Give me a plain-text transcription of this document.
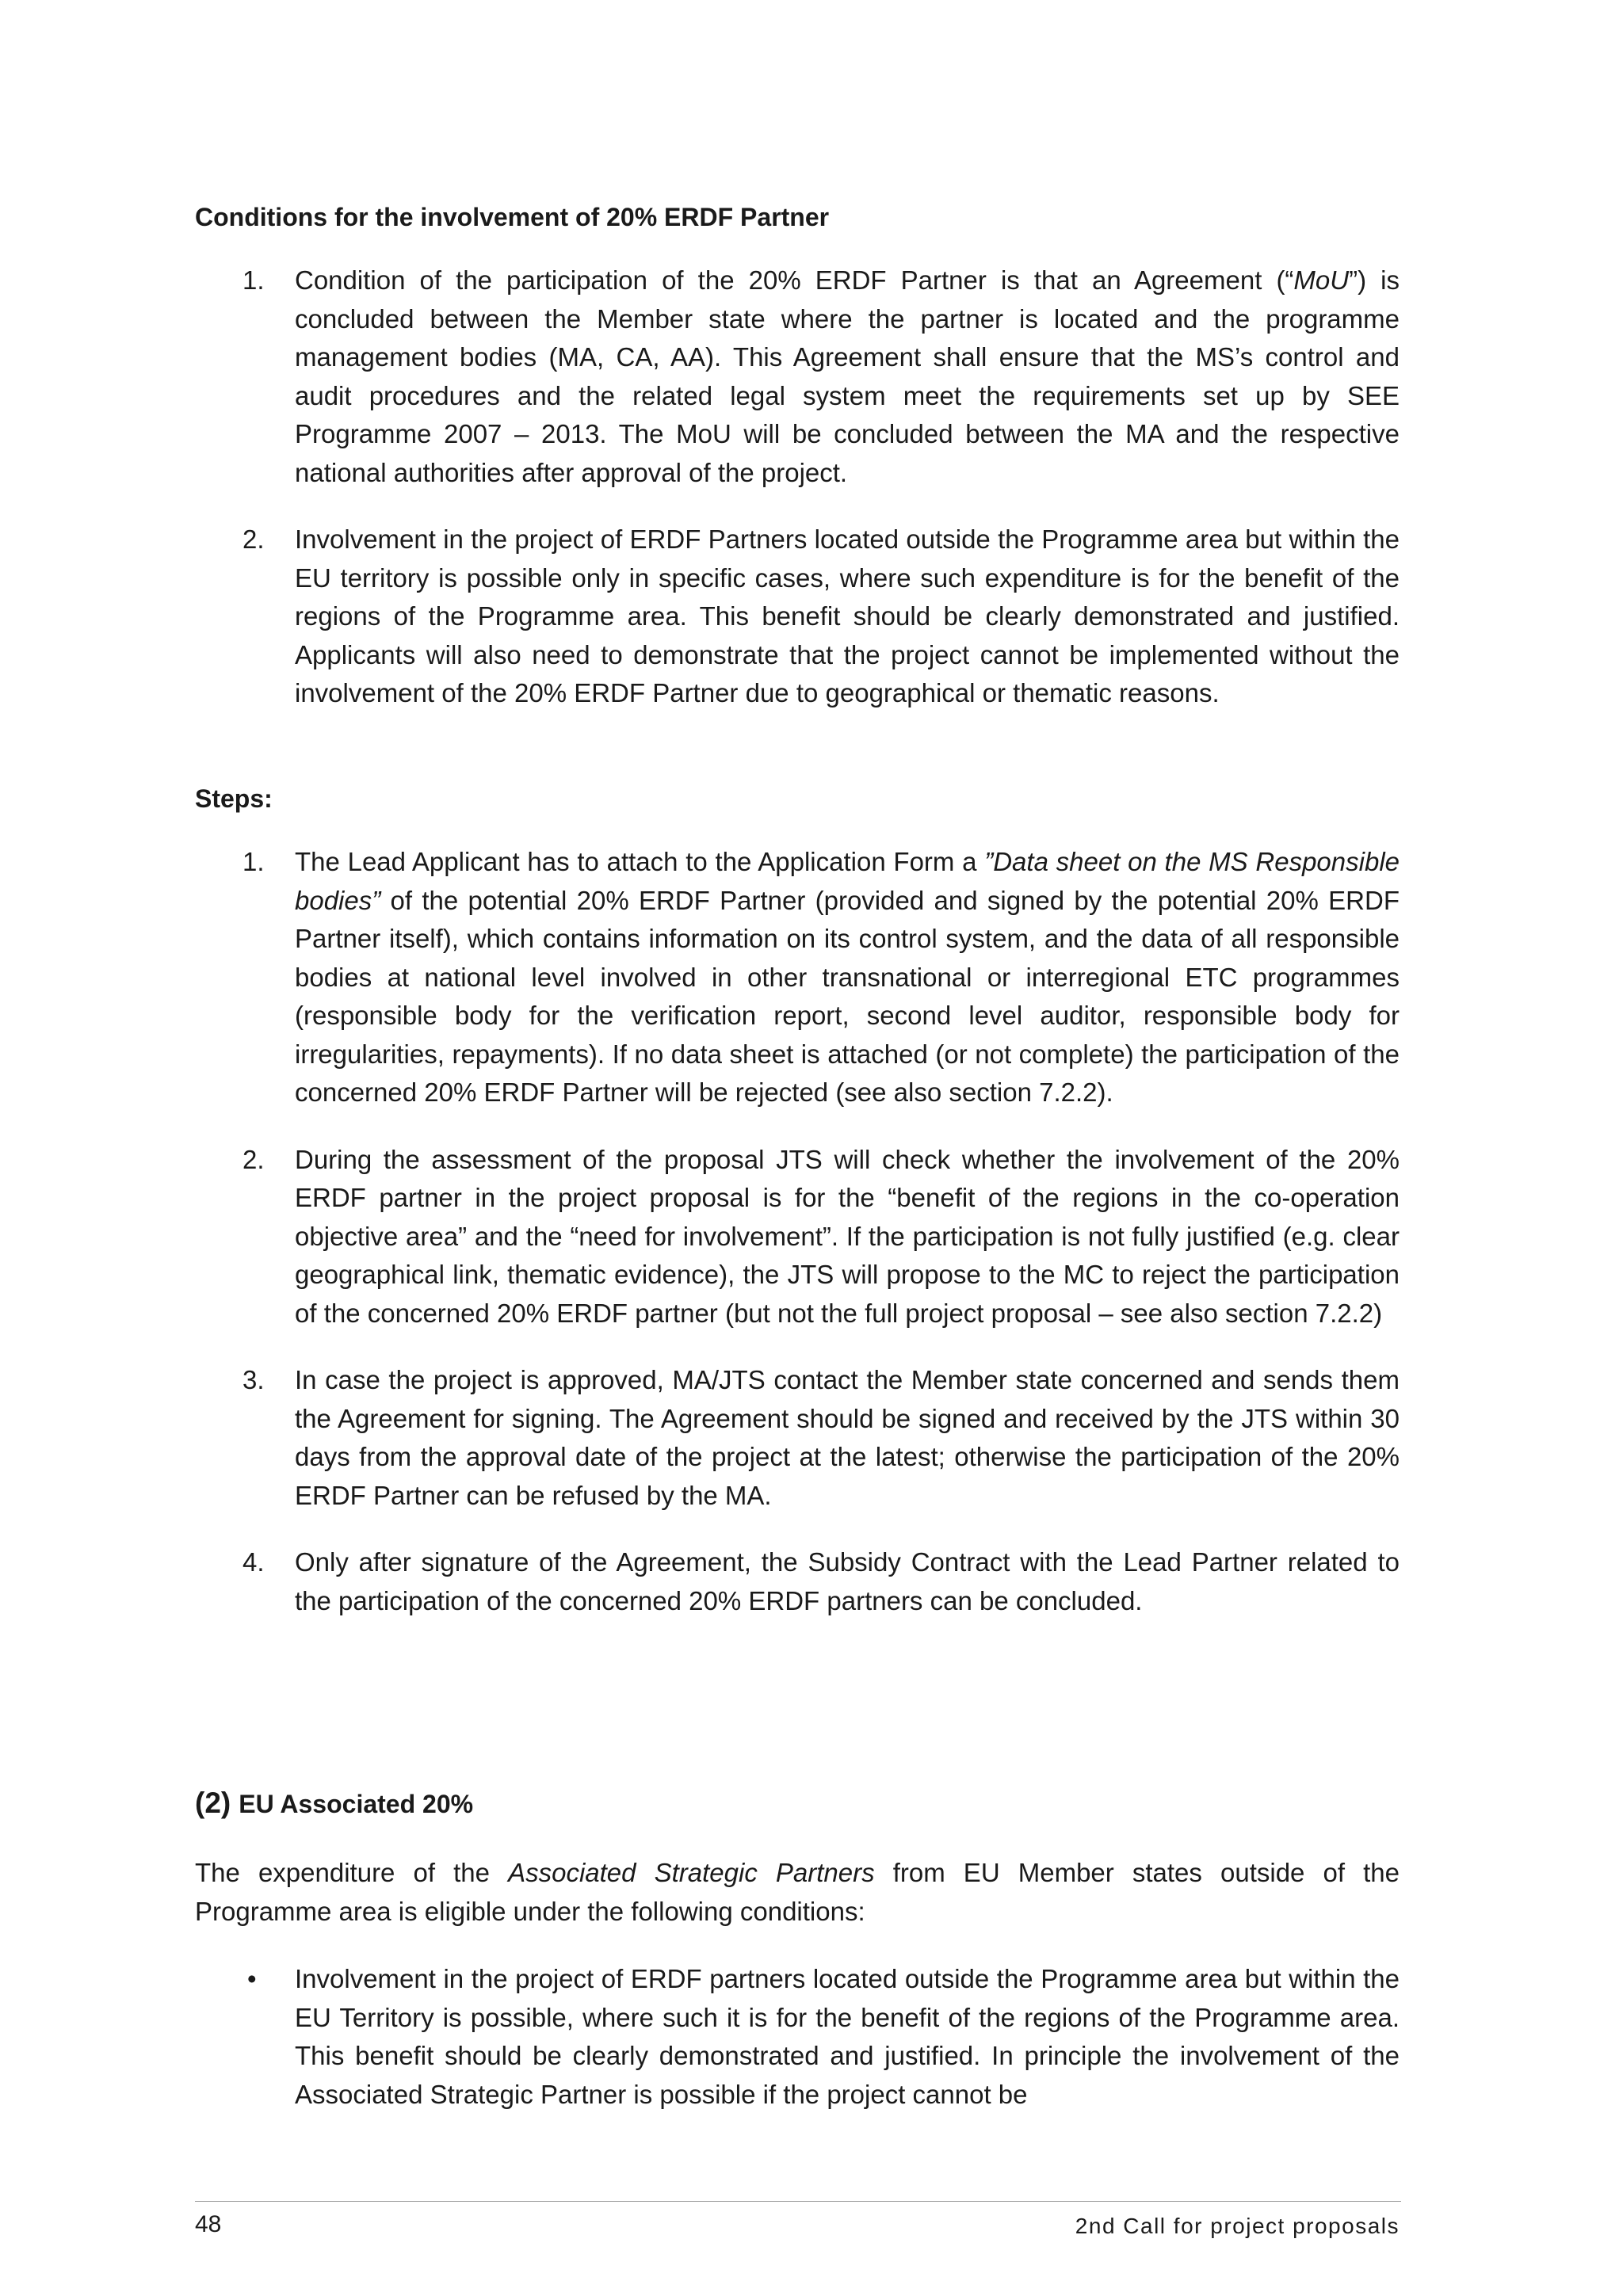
Conditions for the involvement of 20% ERDF Partner
1. Condition of the participation of the 20% ERDF Partner is that an Agreement (“MoU”) is concluded between the Member state where the partner is located and the programme management bodies (MA, CA, AA). This Agreement shall ensure that the MS’s control and audit procedures and the related legal system meet the requirements set up by SEE Programme 2007 – 2013. The MoU will be concluded between the MA and the respective national authorities after approval of the project.
2. Involvement in the project of ERDF Partners located outside the Programme area but within the EU territory is possible only in specific cases, where such expenditure is for the benefit of the regions of the Programme area. This benefit should be clearly demonstrated and justified. Applicants will also need to demonstrate that the project cannot be implemented without the involvement of the 20% ERDF Partner due to geographical or thematic reasons.
Steps:
1. The Lead Applicant has to attach to the Application Form a ”Data sheet on the MS Responsible bodies” of the potential 20% ERDF Partner (provided and signed by the potential 20% ERDF Partner itself), which contains information on its control system, and the data of all responsible bodies at national level involved in other transnational or interregional ETC programmes (responsible body for the verification report, second level auditor, responsible body for irregularities, repayments). If no data sheet is attached (or not complete) the participation of the concerned 20% ERDF Partner will be rejected (see also section 7.2.2).
2. During the assessment of the proposal JTS will check whether the involvement of the 20% ERDF partner in the project proposal is for the “benefit of the regions in the co-operation objective area” and the “need for involvement”. If the participation is not fully justified (e.g. clear geographical link, thematic evidence), the JTS will propose to the MC to reject the participation of the concerned 20% ERDF partner (but not the full project proposal – see also section 7.2.2)
3. In case the project is approved, MA/JTS contact the Member state concerned and sends them the Agreement for signing. The Agreement should be signed and received by the JTS within 30 days from the approval date of the project at the latest; otherwise the participation of the 20% ERDF Partner can be refused by the MA.
4. Only after signature of the Agreement, the Subsidy Contract with the Lead Partner related to the participation of the concerned 20% ERDF partners can be concluded.
(2) EU Associated 20%

The expenditure of the Associated Strategic Partners from EU Member states outside of the Programme area is eligible under the following conditions:

• Involvement in the project of ERDF partners located outside the Programme area but within the EU Territory is possible, where such it is for the benefit of the regions of the Programme area. This benefit should be clearly demonstrated and justified. In principle the involvement of the Associated Strategic Partner is possible if the project cannot be
48	2nd Call for project proposals
